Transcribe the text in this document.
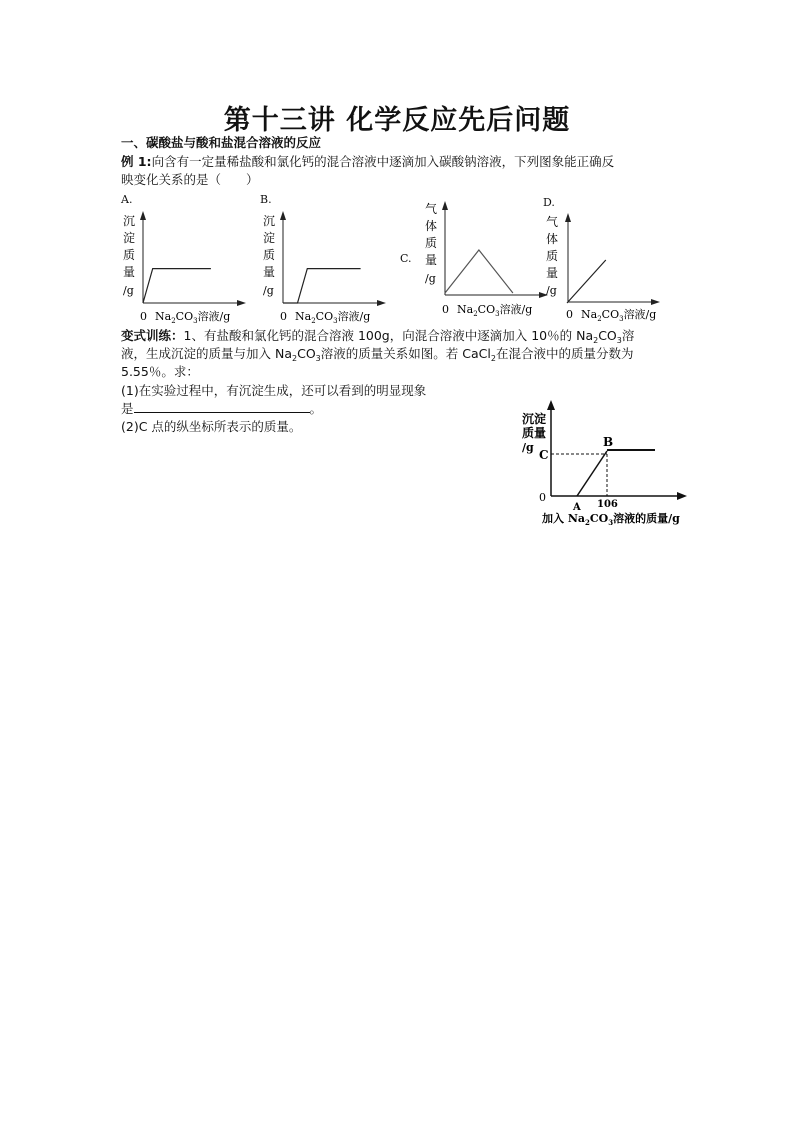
第十三讲 化学反应先后问题
一、碳酸盐与酸和盐混合溶液的反应
例 1:向含有一定量稀盐酸和氯化钙的混合溶液中逐滴加入碳酸钠溶液，下列图象能正确反
映变化关系的是（　　）
A.
沉
淀
质
量
/g
0 $Na_2CO_3$溶液/g
B.
沉
淀
质
量
/g
0 $Na_2CO_3$溶液/g
C.
气
体
质
量
/g
0 $Na_2CO_3$溶液/g
D.
气
体
质
量
/g
0 $Na_2CO_3$溶液/g
变式训练：1、有盐酸和氯化钙的混合溶液 100g，向混合溶液中逐滴加入 10％的 $Na_2CO_3$溶
液，生成沉淀的质量与加入 $Na_2CO_3$溶液的质量关系如图。若 CaCl$_2$在混合液中的质量分数为
5.55％。求：
(1)在实验过程中，有沉淀生成，还可以看到的明显现象
是	。
(2)C 点的纵坐标所表示的质量。	沉淀
质量
/g	B
C
0
A 106
加入 $Na_2CO_3$溶液的质量/g
